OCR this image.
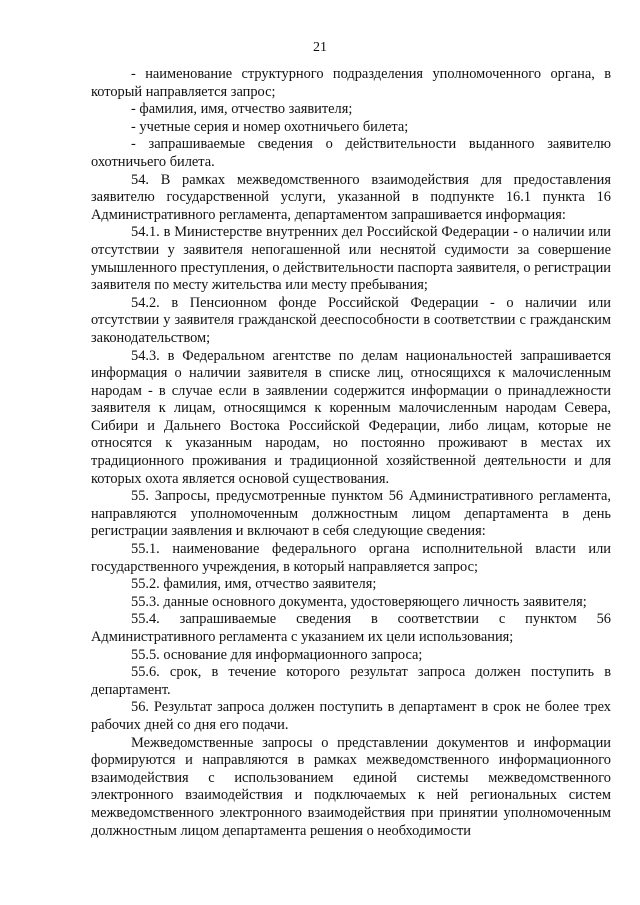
21

- наименование структурного подразделения уполномоченного органа, в который направляется запрос;

- фамилия, имя, отчество заявителя;

- учетные серия и номер охотничьего билета;

- запрашиваемые сведения о действительности выданного заявителю охотничьего билета.

54. В рамках межведомственного взаимодействия для предоставления заявителю государственной услуги, указанной в подпункте 16.1 пункта 16 Административного регламента, департаментом запрашивается информация:

54.1. в Министерстве внутренних дел Российской Федерации - о наличии или отсутствии у заявителя непогашенной или неснятой судимости за совершение умышленного преступления, о действительности паспорта заявителя, о регистрации заявителя по месту жительства или месту пребывания;

54.2. в Пенсионном фонде Российской Федерации - о наличии или отсутствии у заявителя гражданской дееспособности в соответствии с гражданским законодательством;

54.3. в Федеральном агентстве по делам национальностей запрашивается информация о наличии заявителя в списке лиц, относящихся к малочисленным народам - в случае если в заявлении содержится информации о принадлежности заявителя к лицам, относящимся к коренным малочисленным народам Севера, Сибири и Дальнего Востока Российской Федерации, либо лицам, которые не относятся к указанным народам, но постоянно проживают в местах их традиционного проживания и традиционной хозяйственной деятельности и для которых охота является основой существования.

55. Запросы, предусмотренные пунктом 56 Административного регламента, направляются уполномоченным должностным лицом департамента в день регистрации заявления и включают в себя следующие сведения:

55.1. наименование федерального органа исполнительной власти или государственного учреждения, в который направляется запрос;

55.2. фамилия, имя, отчество заявителя;

55.3. данные основного документа, удостоверяющего личность заявителя;

55.4. запрашиваемые сведения в соответствии с пунктом 56 Административного регламента с указанием их цели использования;

55.5. основание для информационного запроса;

55.6. срок, в течение которого результат запроса должен поступить в департамент.

56. Результат запроса должен поступить в департамент в срок не более трех рабочих дней со дня его подачи.

Межведомственные запросы о представлении документов и информации формируются и направляются в рамках межведомственного информационного взаимодействия с использованием единой системы межведомственного электронного взаимодействия и подключаемых к ней региональных систем межведомственного электронного взаимодействия при принятии уполномоченным должностным лицом департамента решения о необходимости
